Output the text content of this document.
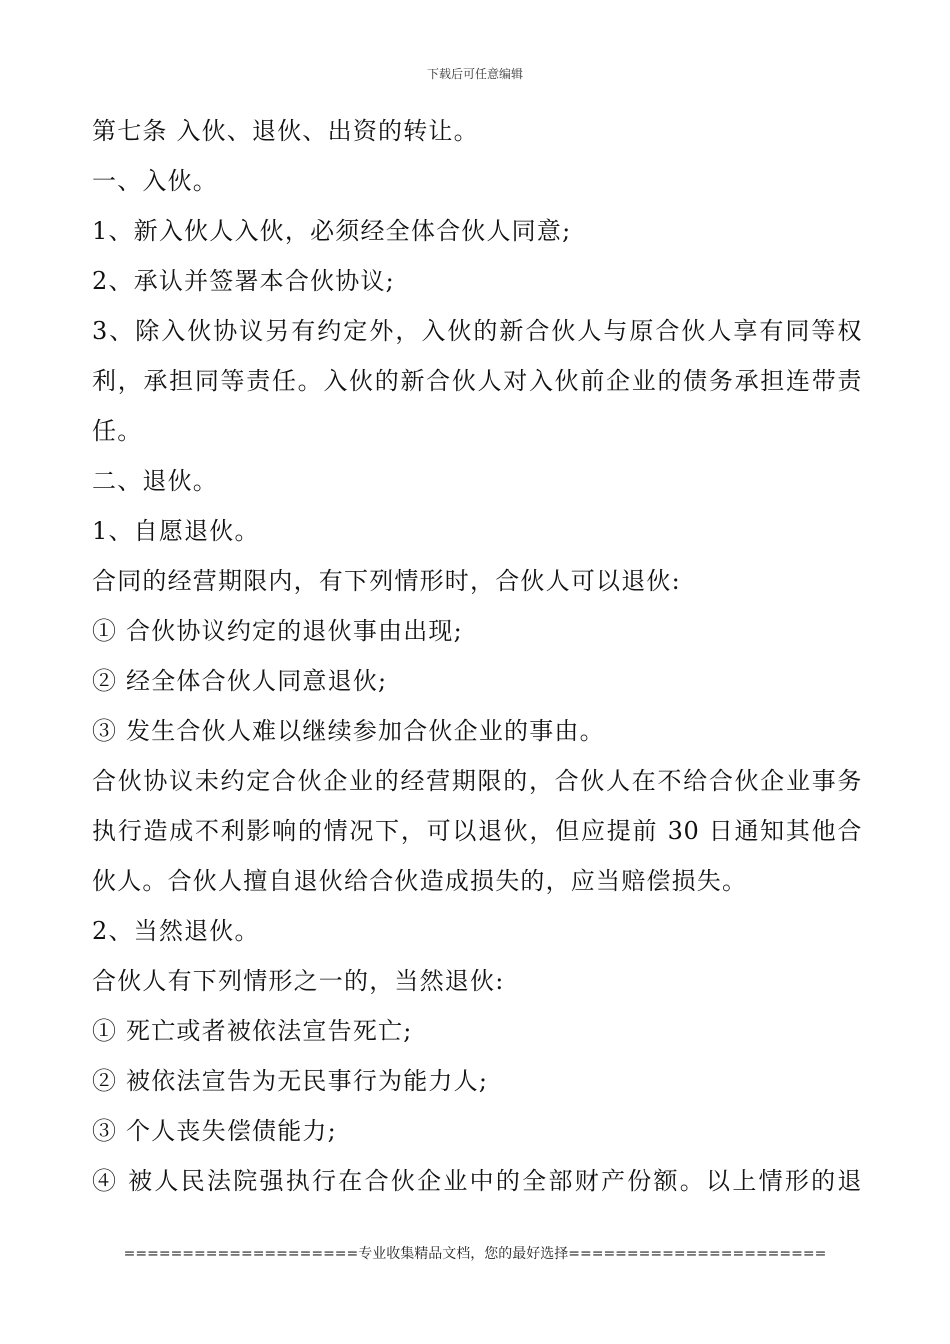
下载后可任意编辑
第七条 入伙、退伙、出资的转让。
一、入伙。
1、新入伙人入伙，必须经全体合伙人同意;
2、承认并签署本合伙协议;
3、除入伙协议另有约定外，入伙的新合伙人与原合伙人享有同等权
利，承担同等责任。入伙的新合伙人对入伙前企业的债务承担连带责
任。
二、退伙。
1、自愿退伙。
合同的经营期限内，有下列情形时，合伙人可以退伙:
① 合伙协议约定的退伙事由出现;
② 经全体合伙人同意退伙;
③ 发生合伙人难以继续参加合伙企业的事由。
合伙协议未约定合伙企业的经营期限的，合伙人在不给合伙企业事务
执行造成不利影响的情况下，可以退伙，但应提前 30 日通知其他合
伙人。合伙人擅自退伙给合伙造成损失的，应当赔偿损失。
2、当然退伙。
合伙人有下列情形之一的，当然退伙:
① 死亡或者被依法宣告死亡;
② 被依法宣告为无民事行为能力人;
③ 个人丧失偿债能力;
④ 被人民法院强执行在合伙企业中的全部财产份额。以上情形的退
====================专业收集精品文档，您的最好选择======================
